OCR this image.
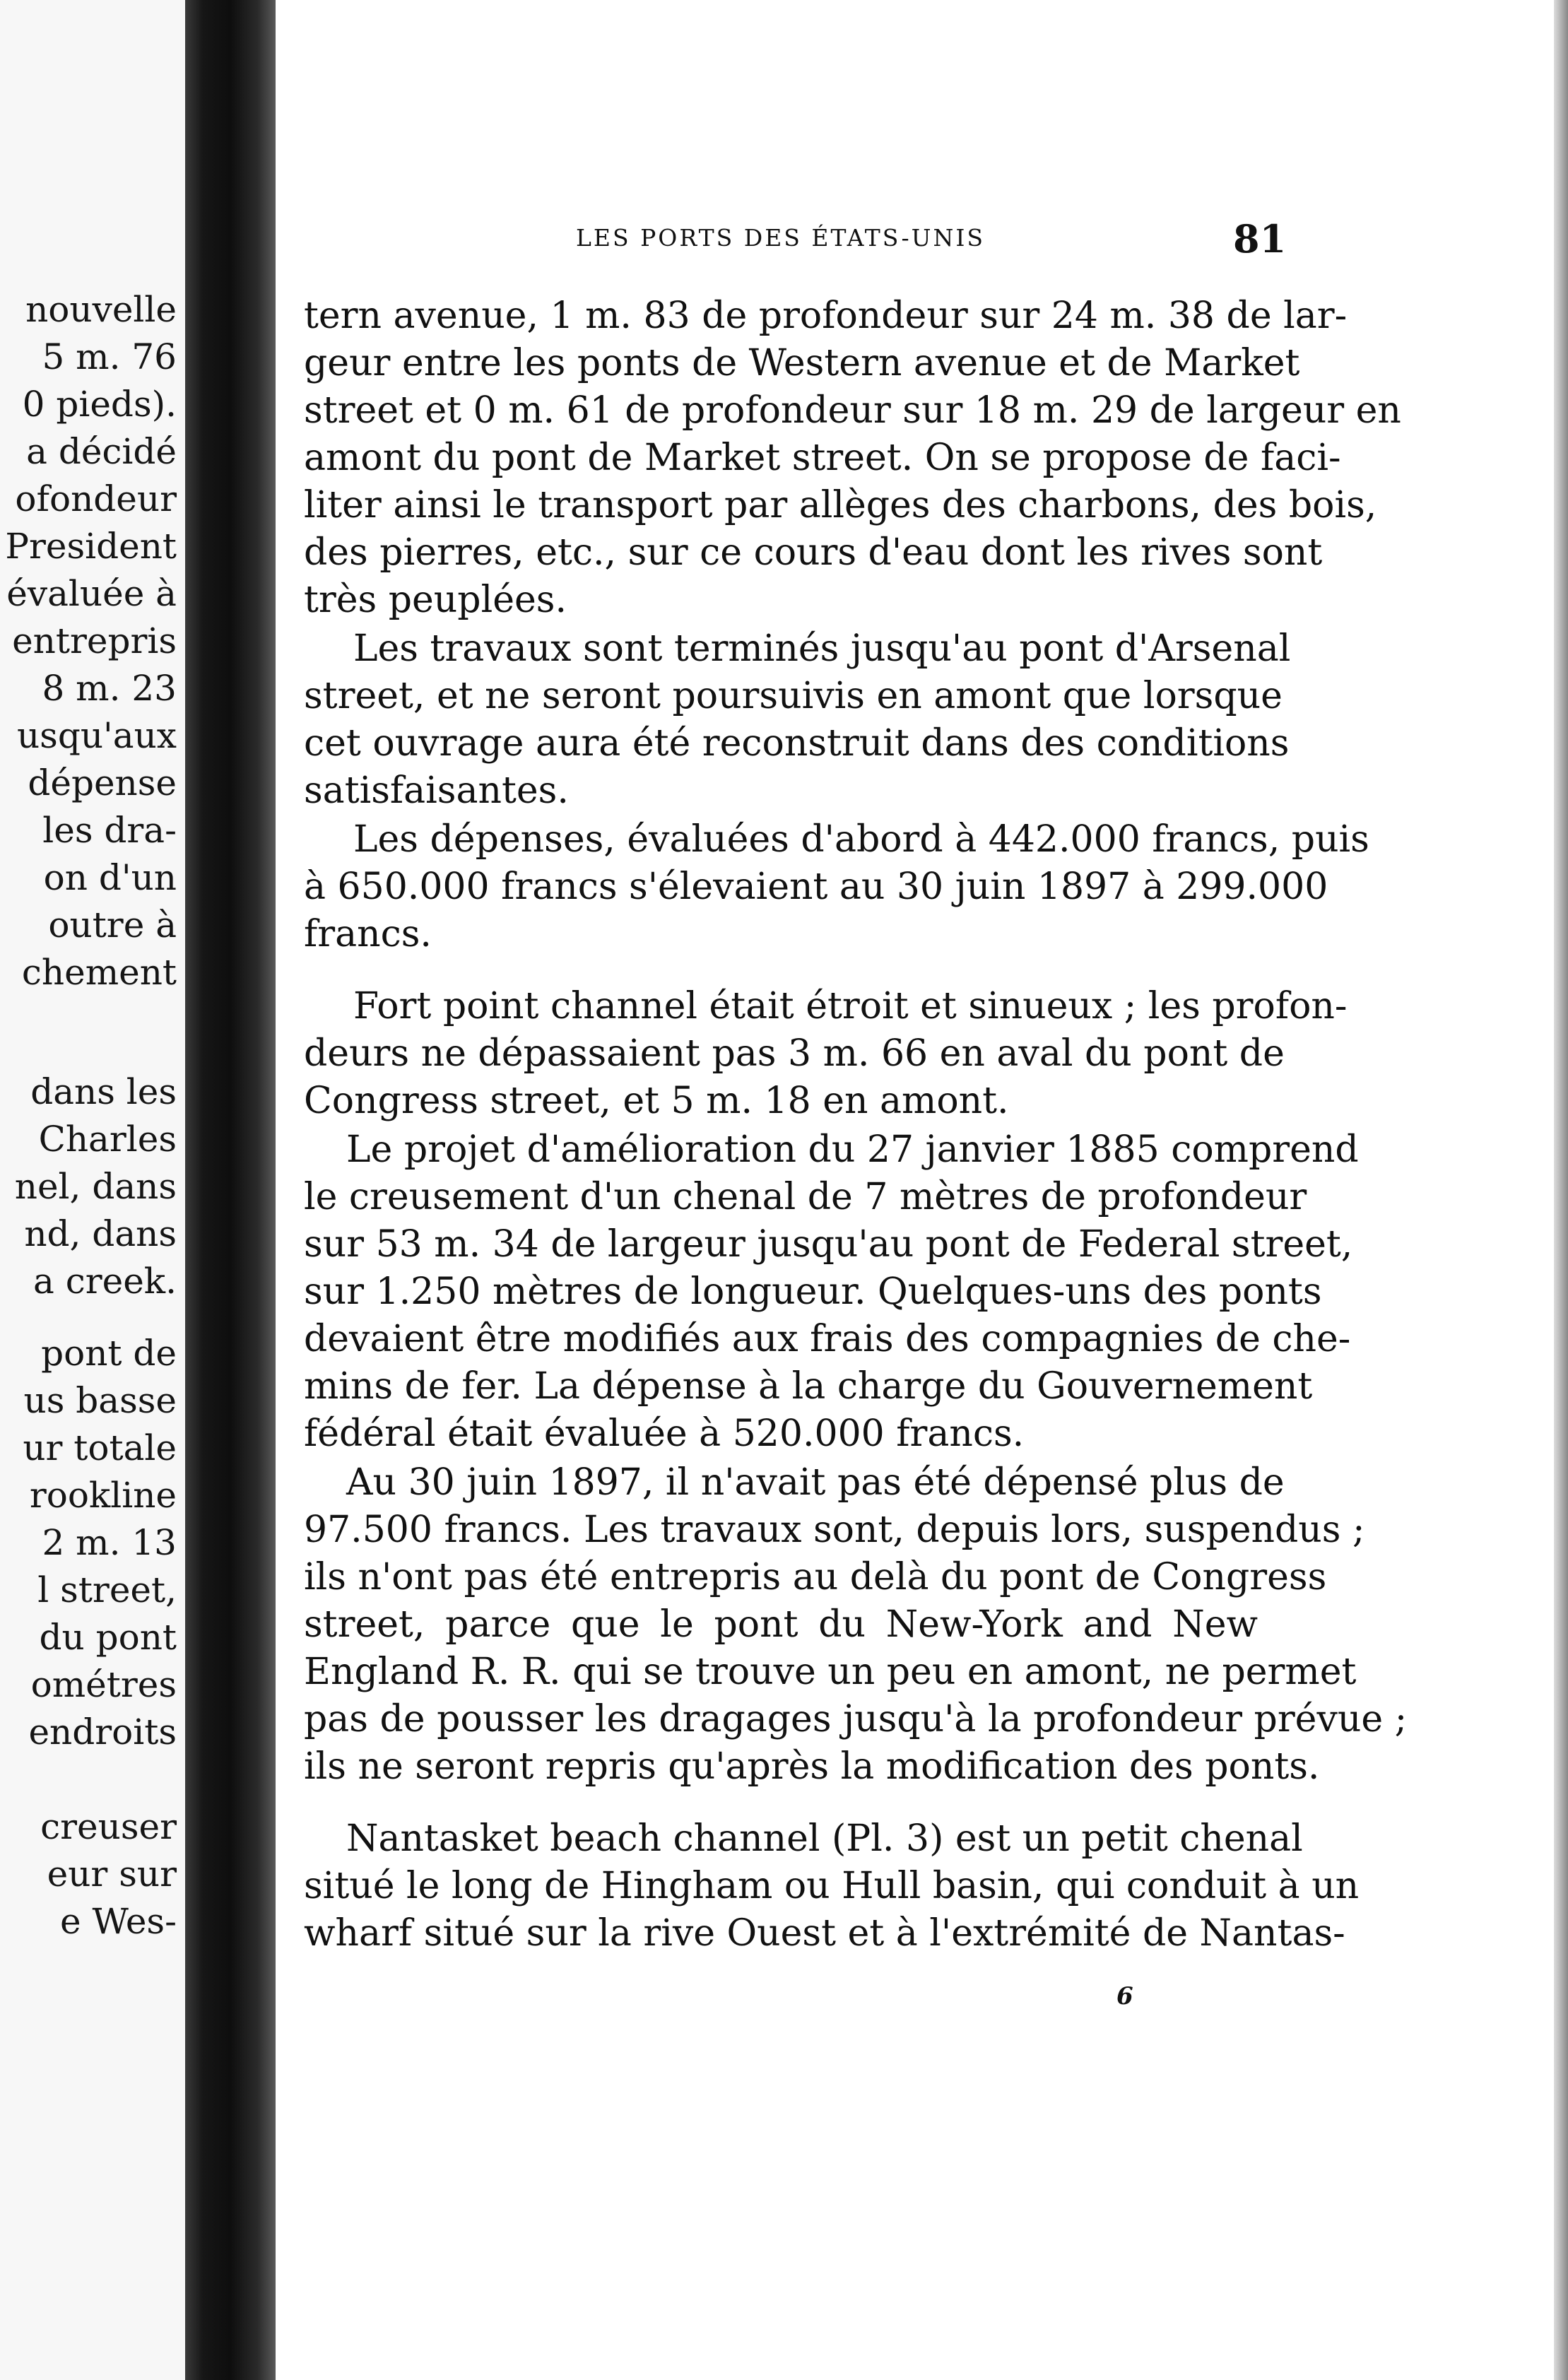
nouvelle
5 m. 76
0 pieds).
a décidé
ofondeur
President
évaluée à
entrepris
8 m. 23
usqu'aux
dépense
les dra-
on d'un
outre à
chement
dans les
Charles
nel, dans
nd, dans
a creek.
pont de
us basse
ur totale
rookline
2 m. 13
l street,
du pont
ométres
endroits
creuser
eur sur
e Wes-
LES PORTS DES ÉTATS-UNIS	81
tern avenue, 1 m. 83 de profondeur sur 24 m. 38 de lar-
geur entre les ponts de Western avenue et de Market
street et 0 m. 61 de profondeur sur 18 m. 29 de largeur en
amont du pont de Market street. On se propose de faci-
liter ainsi le transport par allèges des charbons, des bois,
des pierres, etc., sur ce cours d'eau dont les rives sont
très peuplées.
Les travaux sont terminés jusqu'au pont d'Arsenal
street, et ne seront poursuivis en amont que lorsque
cet ouvrage aura été reconstruit dans des conditions
satisfaisantes.
Les dépenses, évaluées d'abord à 442.000 francs, puis
à 650.000 francs s'élevaient au 30 juin 1897 à 299.000
francs.
Fort point channel était étroit et sinueux ; les profon-
deurs ne dépassaient pas 3 m. 66 en aval du pont de
Congress street, et 5 m. 18 en amont.
Le projet d'amélioration du 27 janvier 1885 comprend
le creusement d'un chenal de 7 mètres de profondeur
sur 53 m. 34 de largeur jusqu'au pont de Federal street,
sur 1.250 mètres de longueur. Quelques-uns des ponts
devaient être modifiés aux frais des compagnies de che-
mins de fer. La dépense à la charge du Gouvernement
fédéral était évaluée à 520.000 francs.
Au 30 juin 1897, il n'avait pas été dépensé plus de
97.500 francs. Les travaux sont, depuis lors, suspendus ;
ils n'ont pas été entrepris au delà du pont de Congress
street, parce que le pont du New-York and New
England R. R. qui se trouve un peu en amont, ne permet
pas de pousser les dragages jusqu'à la profondeur prévue ;
ils ne seront repris qu'après la modification des ponts.
Nantasket beach channel (Pl. 3) est un petit chenal
situé le long de Hingham ou Hull basin, qui conduit à un
wharf situé sur la rive Ouest et à l'extrémité de Nantas-
6
